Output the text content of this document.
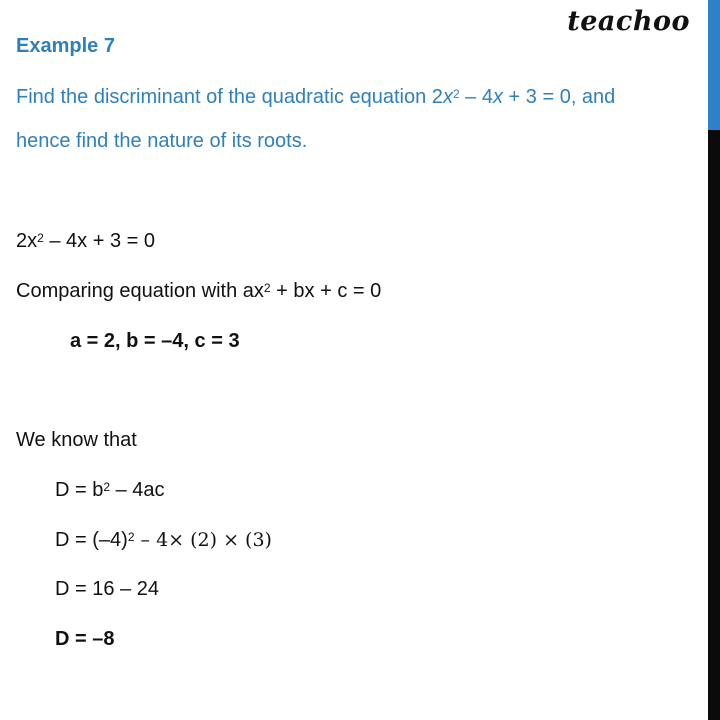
teachoo
Example 7
Find the discriminant of the quadratic equation $2x^2 - 4x + 3 = 0$, and
hence find the nature of its roots.
$2x^2 - 4x + 3 = 0$
Comparing equation with $ax^2$ + bx + c = 0
a = 2, b = –4, c = 3
We know that
$D = b^2 - 4ac$
$D = (-4)^2 - 4\times (2) \times (3)$
D = 16 – 24
D = –8
